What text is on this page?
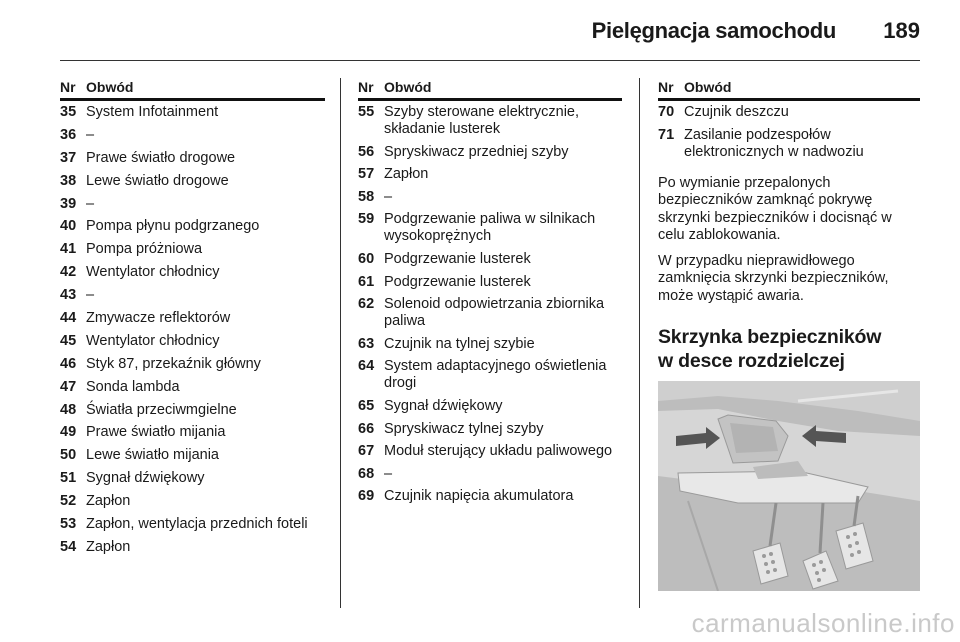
Pielęgnacja samochodu	189
Nr Obwód
35 System Infotainment
36 –
37 Prawe światło drogowe
38 Lewe światło drogowe
39 –
40 Pompa płynu podgrzanego
41 Pompa próżniowa
42 Wentylator chłodnicy
43 –
44 Zmywacze reflektorów
45 Wentylator chłodnicy
46 Styk 87, przekaźnik główny
47 Sonda lambda
48 Światła przeciwmgielne
49 Prawe światło mijania
50 Lewe światło mijania
51 Sygnał dźwiękowy
52 Zapłon
53 Zapłon, wentylacja przednich foteli
54 Zapłon
Nr Obwód
55 Szyby sterowane elektrycznie, składanie lusterek
56 Spryskiwacz przedniej szyby
57 Zapłon
58 –
59 Podgrzewanie paliwa w silnikach wysokoprężnych
60 Podgrzewanie lusterek
61 Podgrzewanie lusterek
62 Solenoid odpowietrzania zbiornika paliwa
63 Czujnik na tylnej szybie
64 System adaptacyjnego oświetlenia drogi
65 Sygnał dźwiękowy
66 Spryskiwacz tylnej szyby
67 Moduł sterujący układu paliwowego
68 –
69 Czujnik napięcia akumulatora
Nr Obwód
70 Czujnik deszczu
71 Zasilanie podzespołów elektronicznych w nadwoziu

Po wymianie przepalonych bezpieczników zamknąć pokrywę skrzynki bezpieczników i docisnąć w celu zablokowania.

W przypadku nieprawidłowego zamknięcia skrzynki bezpieczników, może wystąpić awaria.

Skrzynka bezpieczników
w desce rozdzielczej
carmanualsonline.info
